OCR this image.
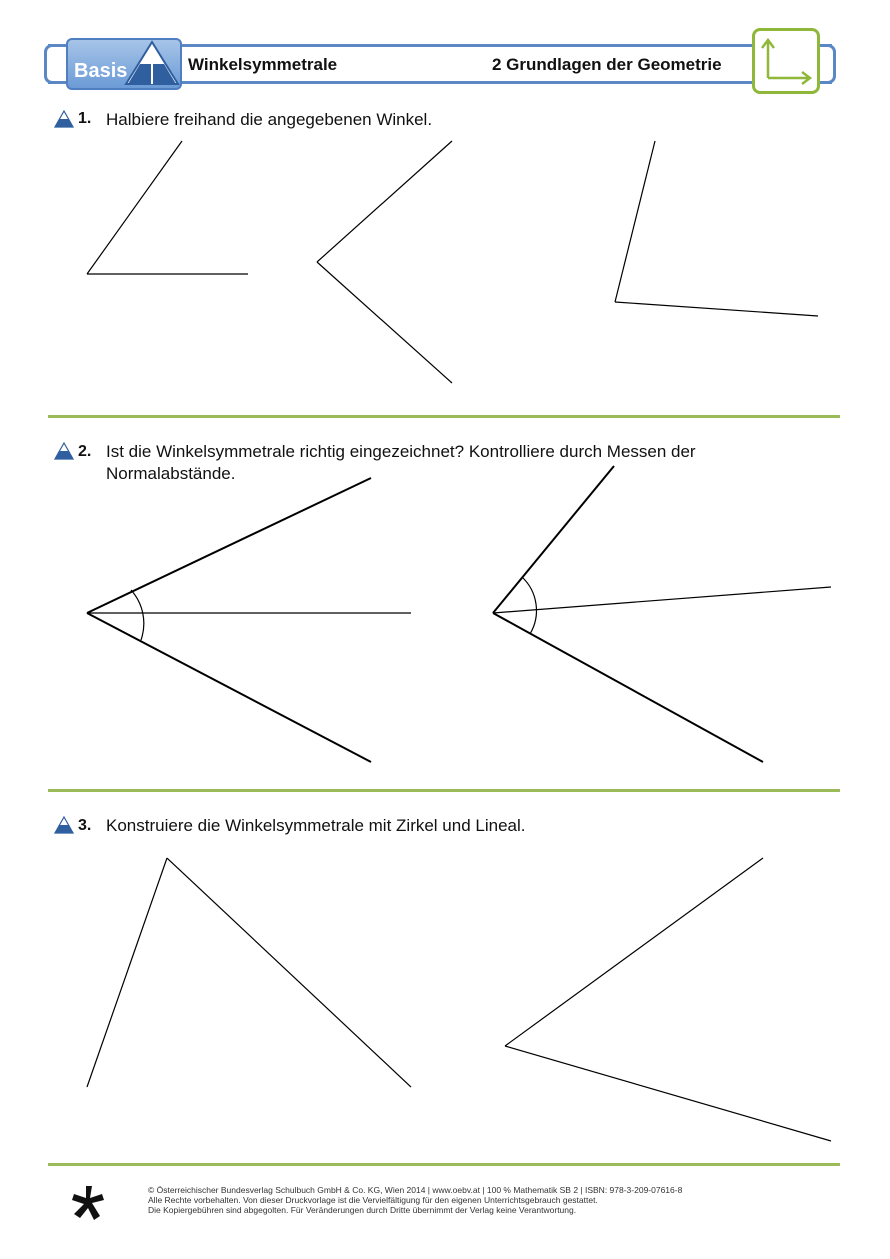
Basis	Winkelsymmetrale	2 Grundlagen der Geometrie
1. Halbiere freihand die angegebenen Winkel.
2. Ist die Winkelsymmetrale richtig eingezeichnet? Kontrolliere durch Messen der Normalabstände.
3. Konstruiere die Winkelsymmetrale mit Zirkel und Lineal.
© Österreichischer Bundesverlag Schulbuch GmbH & Co. KG, Wien 2014 | www.oebv.at | 100 % Mathematik SB 2 | ISBN: 978-3-209-07616-8
Alle Rechte vorbehalten. Von dieser Druckvorlage ist die Vervielfältigung für den eigenen Unterrichtsgebrauch gestattet.
Die Kopiergebühren sind abgegolten. Für Veränderungen durch Dritte übernimmt der Verlag keine Verantwortung.
